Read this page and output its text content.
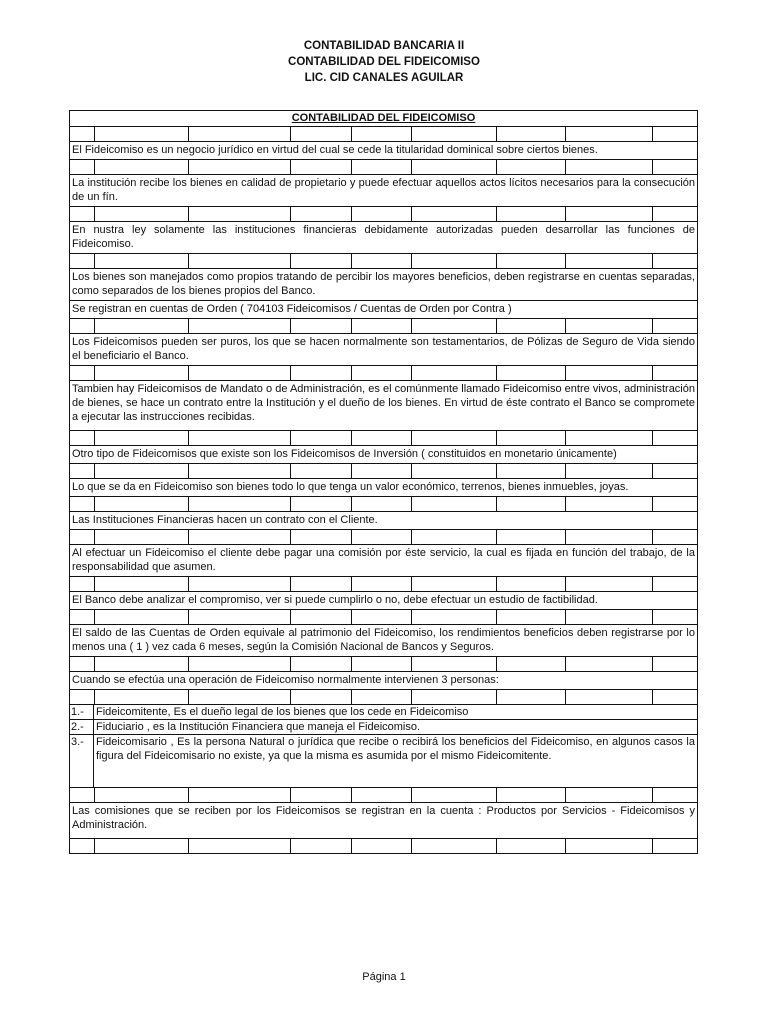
CONTABILIDAD BANCARIA II
CONTABILIDAD DEL FIDEICOMISO
LIC. CID CANALES AGUILAR
CONTABILIDAD DEL FIDEICOMISO
El Fideicomiso es un negocio jurídico en virtud del cual se cede la titularidad dominical sobre ciertos bienes.
La institución recibe los bienes en calidad de propietario y puede efectuar aquellos actos lícitos necesarios para la consecución de un fín.
En nustra ley solamente las instituciones financieras debidamente autorizadas pueden desarrollar las funciones de Fideicomiso.
Los bienes son manejados como propios tratando de percibir los mayores beneficios, deben registrarse en cuentas separadas, como separados de los bienes propios del Banco.
Se registran en cuentas de Orden ( 704103 Fideicomisos / Cuentas de Orden por Contra )
Los Fideicomisos pueden ser puros, los que se hacen normalmente son testamentarios, de Pólizas de Seguro de Vida siendo el beneficiario el Banco.
Tambien hay Fideicomisos de Mandato o de Administración, es el comúnmente llamado Fideicomiso entre vivos, administración de bienes, se hace un contrato entre la Institución y el dueño de los bienes. En virtud de éste contrato el Banco se compromete a ejecutar las instrucciones recibidas.
Otro tipo de Fideicomisos que existe son los Fideicomisos de Inversión ( constituidos en monetario únicamente)
Lo que se da en Fideicomiso son bienes todo lo que tenga un valor económico, terrenos, bienes inmuebles, joyas.
Las Instituciones Financieras hacen un contrato con el Cliente.
Al efectuar un Fideicomiso el cliente debe pagar una comisión por éste servicio, la cual es fijada en función del trabajo, de la responsabilidad que asumen.
El Banco debe analizar el compromiso, ver si puede cumplirlo o no, debe efectuar un estudio de factibilidad.
El saldo de las Cuentas de Orden equivale al patrimonio del Fideicomiso, los rendimientos beneficios deben registrarse por lo menos una ( 1 ) vez cada 6 meses, según la Comisión Nacional de Bancos y Seguros.
Cuando se efectúa una operación de Fideicomiso normalmente intervienen 3 personas:
1.-	Fideicomitente, Es el dueño legal de los bienes que los cede en Fideicomiso
2.-	Fiduciario , es la Institución Financiera que maneja el Fideicomiso.
3.-	Fideicomisario , Es la persona Natural o jurídica que recibe o recibirá los beneficios del Fideicomiso, en algunos casos la figura del Fideicomisario no existe, ya que la misma es asumida por el mismo Fideicomitente.
Las comisiones que se reciben por los Fideicomisos se registran en la cuenta : Productos por Servicios - Fideicomisos y Administración.
Página 1
